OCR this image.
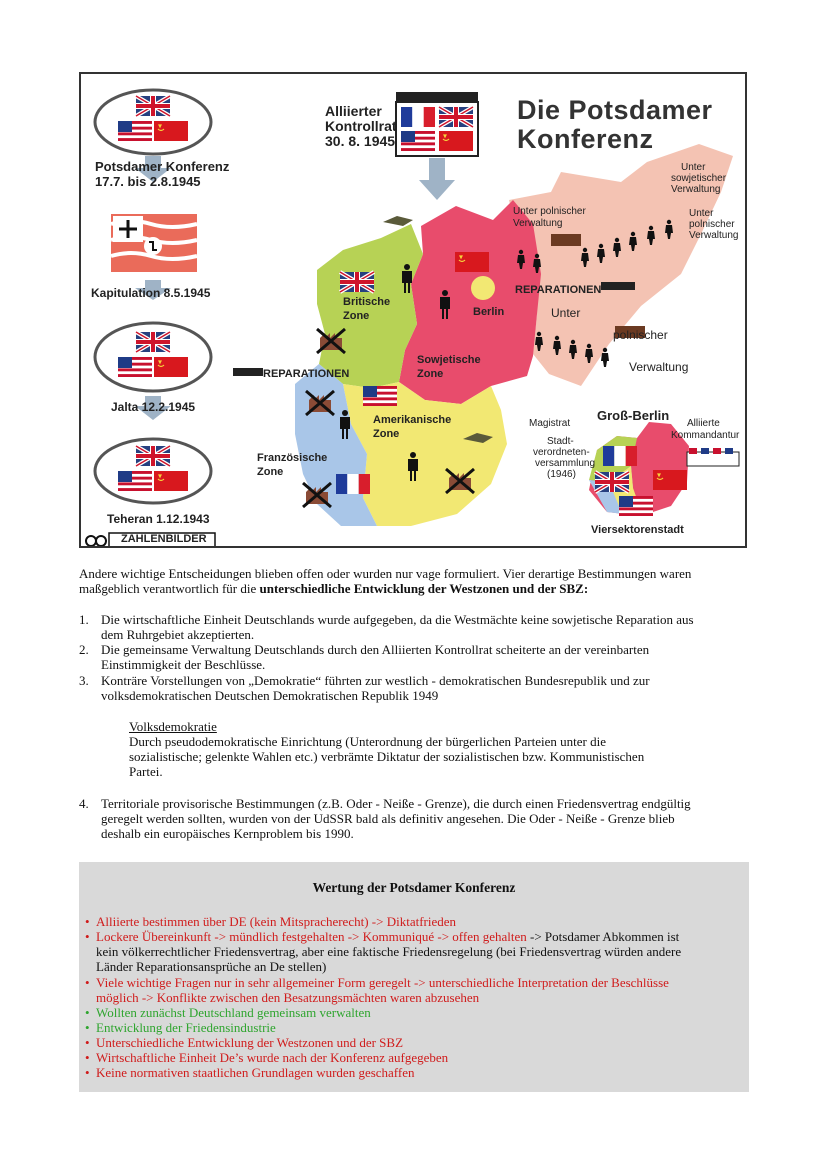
Die Potsdamer
Konferenz
Alliierter
Kontrollrat
30. 8. 1945
Potsdamer Konferenz
17.7. bis 2.8.1945
Kapitulation 8.5.1945
Jalta 12.2.1945
Teheran 1.12.1943
ZAHLENBILDER
Britische
Zone
Sowjetische
Zone
Amerikanische
Zone
Französische
Zone
Berlin
REPARATIONEN
REPARATIONEN
Unter polnischer
Verwaltung
Unter
sowjetischer
Verwaltung
Unter
polnischer
Verwaltung
Unter
polnischer
Verwaltung
Groß-Berlin
Magistrat
Stadt-
verordneten-
versammlung
(1946)
Alliierte
Kommandantur
Viersektorenstadt
Andere wichtige Entscheidungen blieben offen oder wurden nur vage formuliert. Vier derartige Bestimmungen waren
maßgeblich verantwortlich für die unterschiedliche Entwicklung der Westzonen und der SBZ:
1. Die wirtschaftliche Einheit Deutschlands wurde aufgegeben, da die Westmächte keine sowjetische Reparation aus
dem Ruhrgebiet akzeptierten.
2. Die gemeinsame Verwaltung Deutschlands durch den Alliierten Kontrollrat scheiterte an der vereinbarten
Einstimmigkeit der Beschlüsse.
3. Konträre Vorstellungen von „Demokratie“ führten zur westlich - demokratischen Bundesrepublik und zur
volksdemokratischen Deutschen Demokratischen Republik 1949
Volksdemokratie
Durch pseudodemokratische Einrichtung (Unterordnung der bürgerlichen Parteien unter die
sozialistische; gelenkte Wahlen etc.) verbrämte Diktatur der sozialistischen bzw. Kommunistischen
Partei.
4. Territoriale provisorische Bestimmungen (z.B. Oder - Neiße - Grenze), die durch einen Friedensvertrag endgültig
geregelt werden sollten, wurden von der UdSSR bald als definitiv angesehen. Die Oder - Neiße - Grenze blieb
deshalb ein europäisches Kernproblem bis 1990.
Wertung der Potsdamer Konferenz
• Alliierte bestimmen über DE (kein Mitspracherecht) -> Diktatfrieden
• Lockere Übereinkunft -> mündlich festgehalten -> Kommuniqué -> offen gehalten -> Potsdamer Abkommen ist
kein völkerrechtlicher Friedensvertrag, aber eine faktische Friedensregelung (bei Friedensvertrag würden andere
Länder Reparationsansprüche an De stellen)
• Viele wichtige Fragen nur in sehr allgemeiner Form geregelt -> unterschiedliche Interpretation der Beschlüsse
möglich -> Konflikte zwischen den Besatzungsmächten waren abzusehen
• Wollten zunächst Deutschland gemeinsam verwalten
• Entwicklung der Friedensindustrie
• Unterschiedliche Entwicklung der Westzonen und der SBZ
• Wirtschaftliche Einheit De’s wurde nach der Konferenz aufgegeben
• Keine normativen staatlichen Grundlagen wurden geschaffen
